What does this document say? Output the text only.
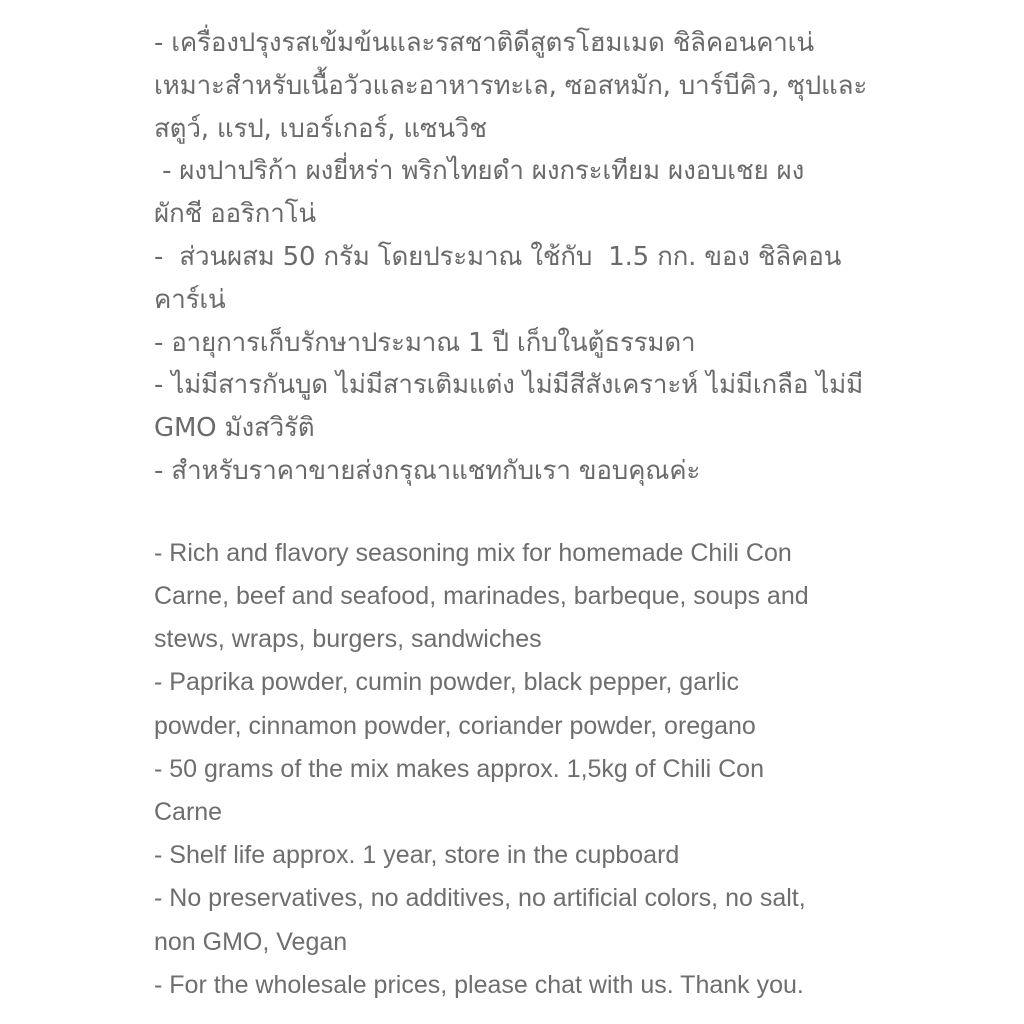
- เครื่องปรุงรสเข้มข้นและรสชาติดีสูตรโฮมเมด ชิลิคอนคาเน่
เหมาะสำหรับเนื้อวัวและอาหารทะเล, ซอสหมัก, บาร์บีคิว, ซุปและ
สตูว์, แรป, เบอร์เกอร์, แซนวิช
- ผงปาปริก้า ผงยี่หร่า พริกไทยดำ ผงกระเทียม ผงอบเชย ผง
ผักชี ออริกาโน่
-  ส่วนผสม 50 กรัม โดยประมาณ ใช้กับ  1.5 กก. ของ ชิลิคอน
คาร์เน่
- อายุการเก็บรักษาประมาณ 1 ปี เก็บในตู้ธรรมดา
- ไม่มีสารกันบูด ไม่มีสารเติมแต่ง ไม่มีสีสังเคราะห์ ไม่มีเกลือ ไม่มี
GMO มังสวิรัติ
- สำหรับราคาขายส่งกรุณาแชทกับเรา ขอบคุณค่ะ
- Rich and flavory seasoning mix for homemade Chili Con
Carne, beef and seafood, marinades, barbeque, soups and
stews, wraps, burgers, sandwiches
- Paprika powder, cumin powder, black pepper, garlic
powder, cinnamon powder, coriander powder, oregano
- 50 grams of the mix makes approx. 1,5kg of Chili Con
Carne
- Shelf life approx. 1 year, store in the cupboard
- No preservatives, no additives, no artificial colors, no salt,
non GMO, Vegan
- For the wholesale prices, please chat with us. Thank you.
